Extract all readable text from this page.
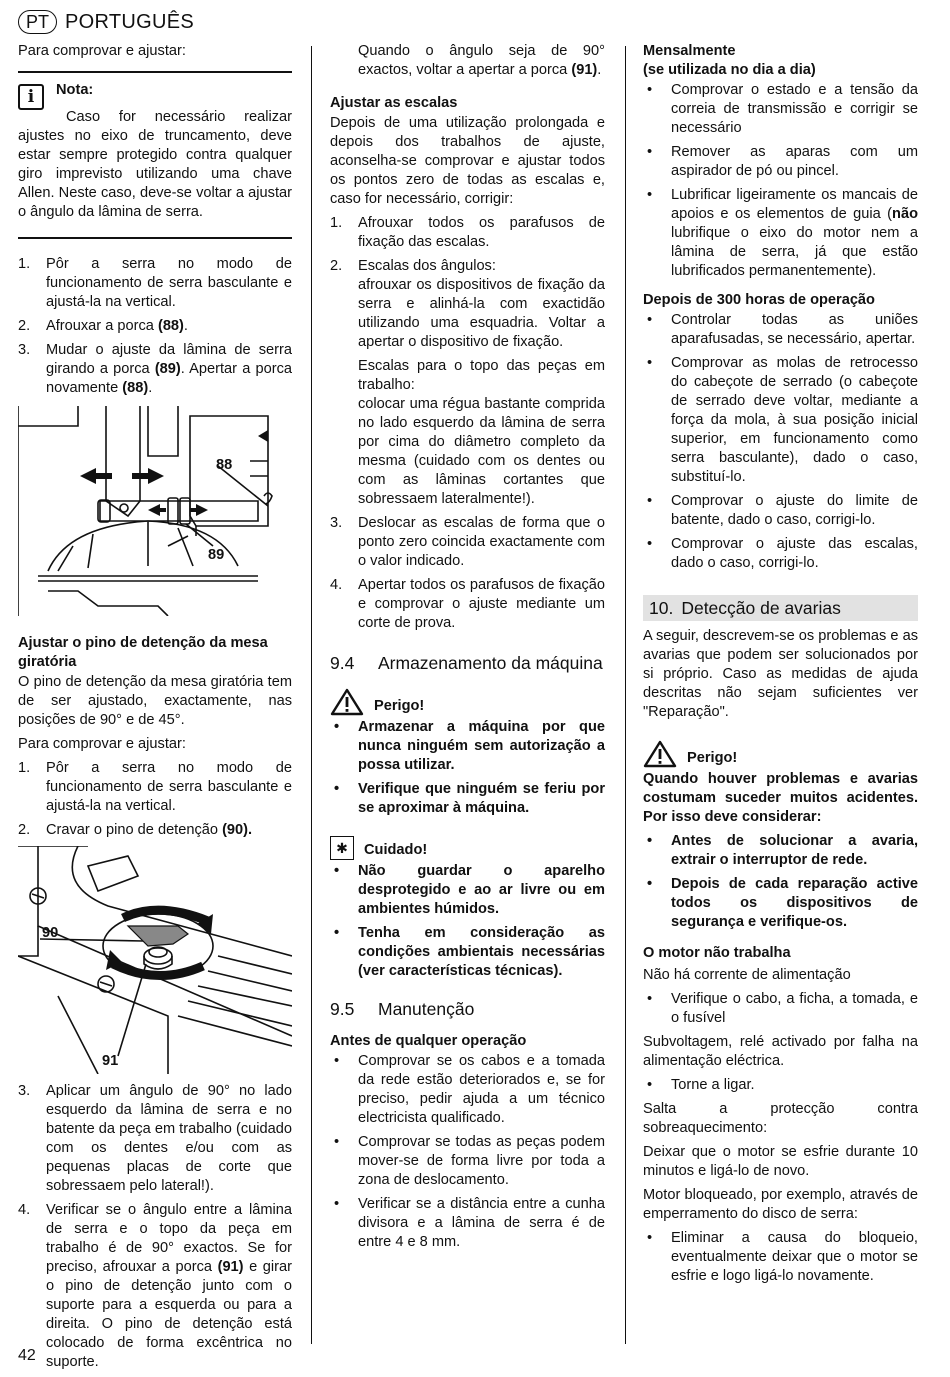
PT PORTUGUÊS

Para comprovar e ajustar:

i	Nota:

Caso for necessário realizar ajustes no eixo de truncamento, deve estar sempre protegido contra qualquer giro imprevisto utilizando uma chave Allen. Neste caso, deve-se voltar a ajustar o ângulo da lâmina de serra.

1.	Pôr a serra no modo de funcionamento de serra basculante e ajustá-la na vertical.
2.	Afrouxar a porca (88).
3.	Mudar o ajuste da lâmina de serra girando a porca (89). Apertar a porca novamente (88).
88
89
Ajustar o pino de detenção da mesa giratória

O pino de detenção da mesa giratória tem de ser ajustado, exactamente, nas posições de 90° e de 45°.

Para comprovar e ajustar:

1.	Pôr a serra no modo de funcionamento de serra basculante e ajustá-la na vertical.
2.	Cravar o pino de detenção (90).
90
91
3.	Aplicar um ângulo de 90° no lado esquerdo da lâmina de serra e no batente da peça em trabalho (cuidado com os dentes e/ou com as pequenas placas de corte que sobressaem pelo lateral!).
4.	Verificar se o ângulo entre a lâmina de serra e o topo da peça em trabalho é de 90° exactos. Se for preciso, afrouxar a porca (91) e girar o pino de detenção junto com o suporte para a esquerda ou para a direita. O pino de detenção está colocado de forma excêntrica no suporte.

Quando o ângulo seja de 90° exactos, voltar a apertar a porca (91).

Ajustar as escalas

Depois de uma utilização prolongada e depois dos trabalhos de ajuste, aconselha-se comprovar e ajustar todos os pontos zero de todas as escalas e, caso for necessário, corrigir:

1.	Afrouxar todos os parafusos de fixação das escalas.
2.	Escalas dos ângulos:
afrouxar os dispositivos de fixação da serra e alinhá-la com exactidão utilizando uma esquadria. Voltar a apertar o dispositivo de fixação.
Escalas para o topo das peças em trabalho:
colocar uma régua bastante comprida no lado esquerdo da lâmina de serra por cima do diâmetro completo da mesma (cuidado com os dentes ou com as lâminas cortantes que sobressaem lateralmente!).
3.	Deslocar as escalas de forma que o ponto zero coincida exactamente com o valor indicado.
4.	Apertar todos os parafusos de fixação e comprovar o ajuste mediante um corte de prova.
9.4	Armazenamento da máquina
Perigo!
•	Armazenar a máquina por que nunca ninguém sem autorização a possa utilizar.
•	Verifique que ninguém se feriu por se aproximar à máquina.
✱	Cuidado!
•	Não guardar o aparelho desprotegido e ao ar livre ou em ambientes húmidos.
•	Tenha em consideração as condições ambientais necessárias (ver características técnicas).
9.5	Manutenção
Antes de qualquer operação
•	Comprovar se os cabos e a tomada da rede estão deteriorados e, se for preciso, pedir ajuda a um técnico electricista qualificado.
•	Comprovar se todas as peças podem mover-se de forma livre por toda a zona de deslocamento.
•	Verificar se a distância entre a cunha divisora e a lâmina de serra é de entre 4 e 8 mm.
Mensalmente
(se utilizada no dia a dia)
•	Comprovar o estado e a tensão da correia de transmissão e corrigir se necessário
•	Remover as aparas com um aspirador de pó ou pincel.
•	Lubrificar ligeiramente os mancais de apoios e os elementos de guia (não lubrifique o eixo do motor nem a lâmina de serra, já que estão lubrificados permanentemente).
Depois de 300 horas de operação
•	Controlar todas as uniões aparafusadas, se necessário, apertar.
•	Comprovar as molas de retrocesso do cabeçote de serrado (o cabeçote de serrado deve voltar, mediante a força da mola, à sua posição inicial superior, em funcionamento como serra basculante), dado o caso, substituí-lo.
•	Comprovar o ajuste do limite de batente, dado o caso, corrigi-lo.
•	Comprovar o ajuste das escalas, dado o caso, corrigi-lo.
10. Detecção de avarias

A seguir, descrevem-se os problemas e as avarias que podem ser solucionados por si próprio. Caso as medidas de ajuda descritas não sejam suficientes ver "Reparação".

Perigo!

Quando houver problemas e avarias costumam suceder muitos acidentes. Por isso deve considerar:

•	Antes de solucionar a avaria, extrair o interruptor de rede.
•	Depois de cada reparação active todos os dispositivos de segurança e verifique-os.
O motor não trabalha

Não há corrente de alimentação

•	Verifique o cabo, a ficha, a tomada, e o fusível

Subvoltagem, relé activado por falha na alimentação eléctrica.

•	Torne a ligar.

Salta a protecção contra sobreaquecimento:

Deixar que o motor se esfrie durante 10 minutos e ligá-lo de novo.

Motor bloqueado, por exemplo, através de emperramento do disco de serra:

•	Eliminar a causa do bloqueio, eventualmente deixar que o motor se esfrie e logo ligá-lo novamente.
42
